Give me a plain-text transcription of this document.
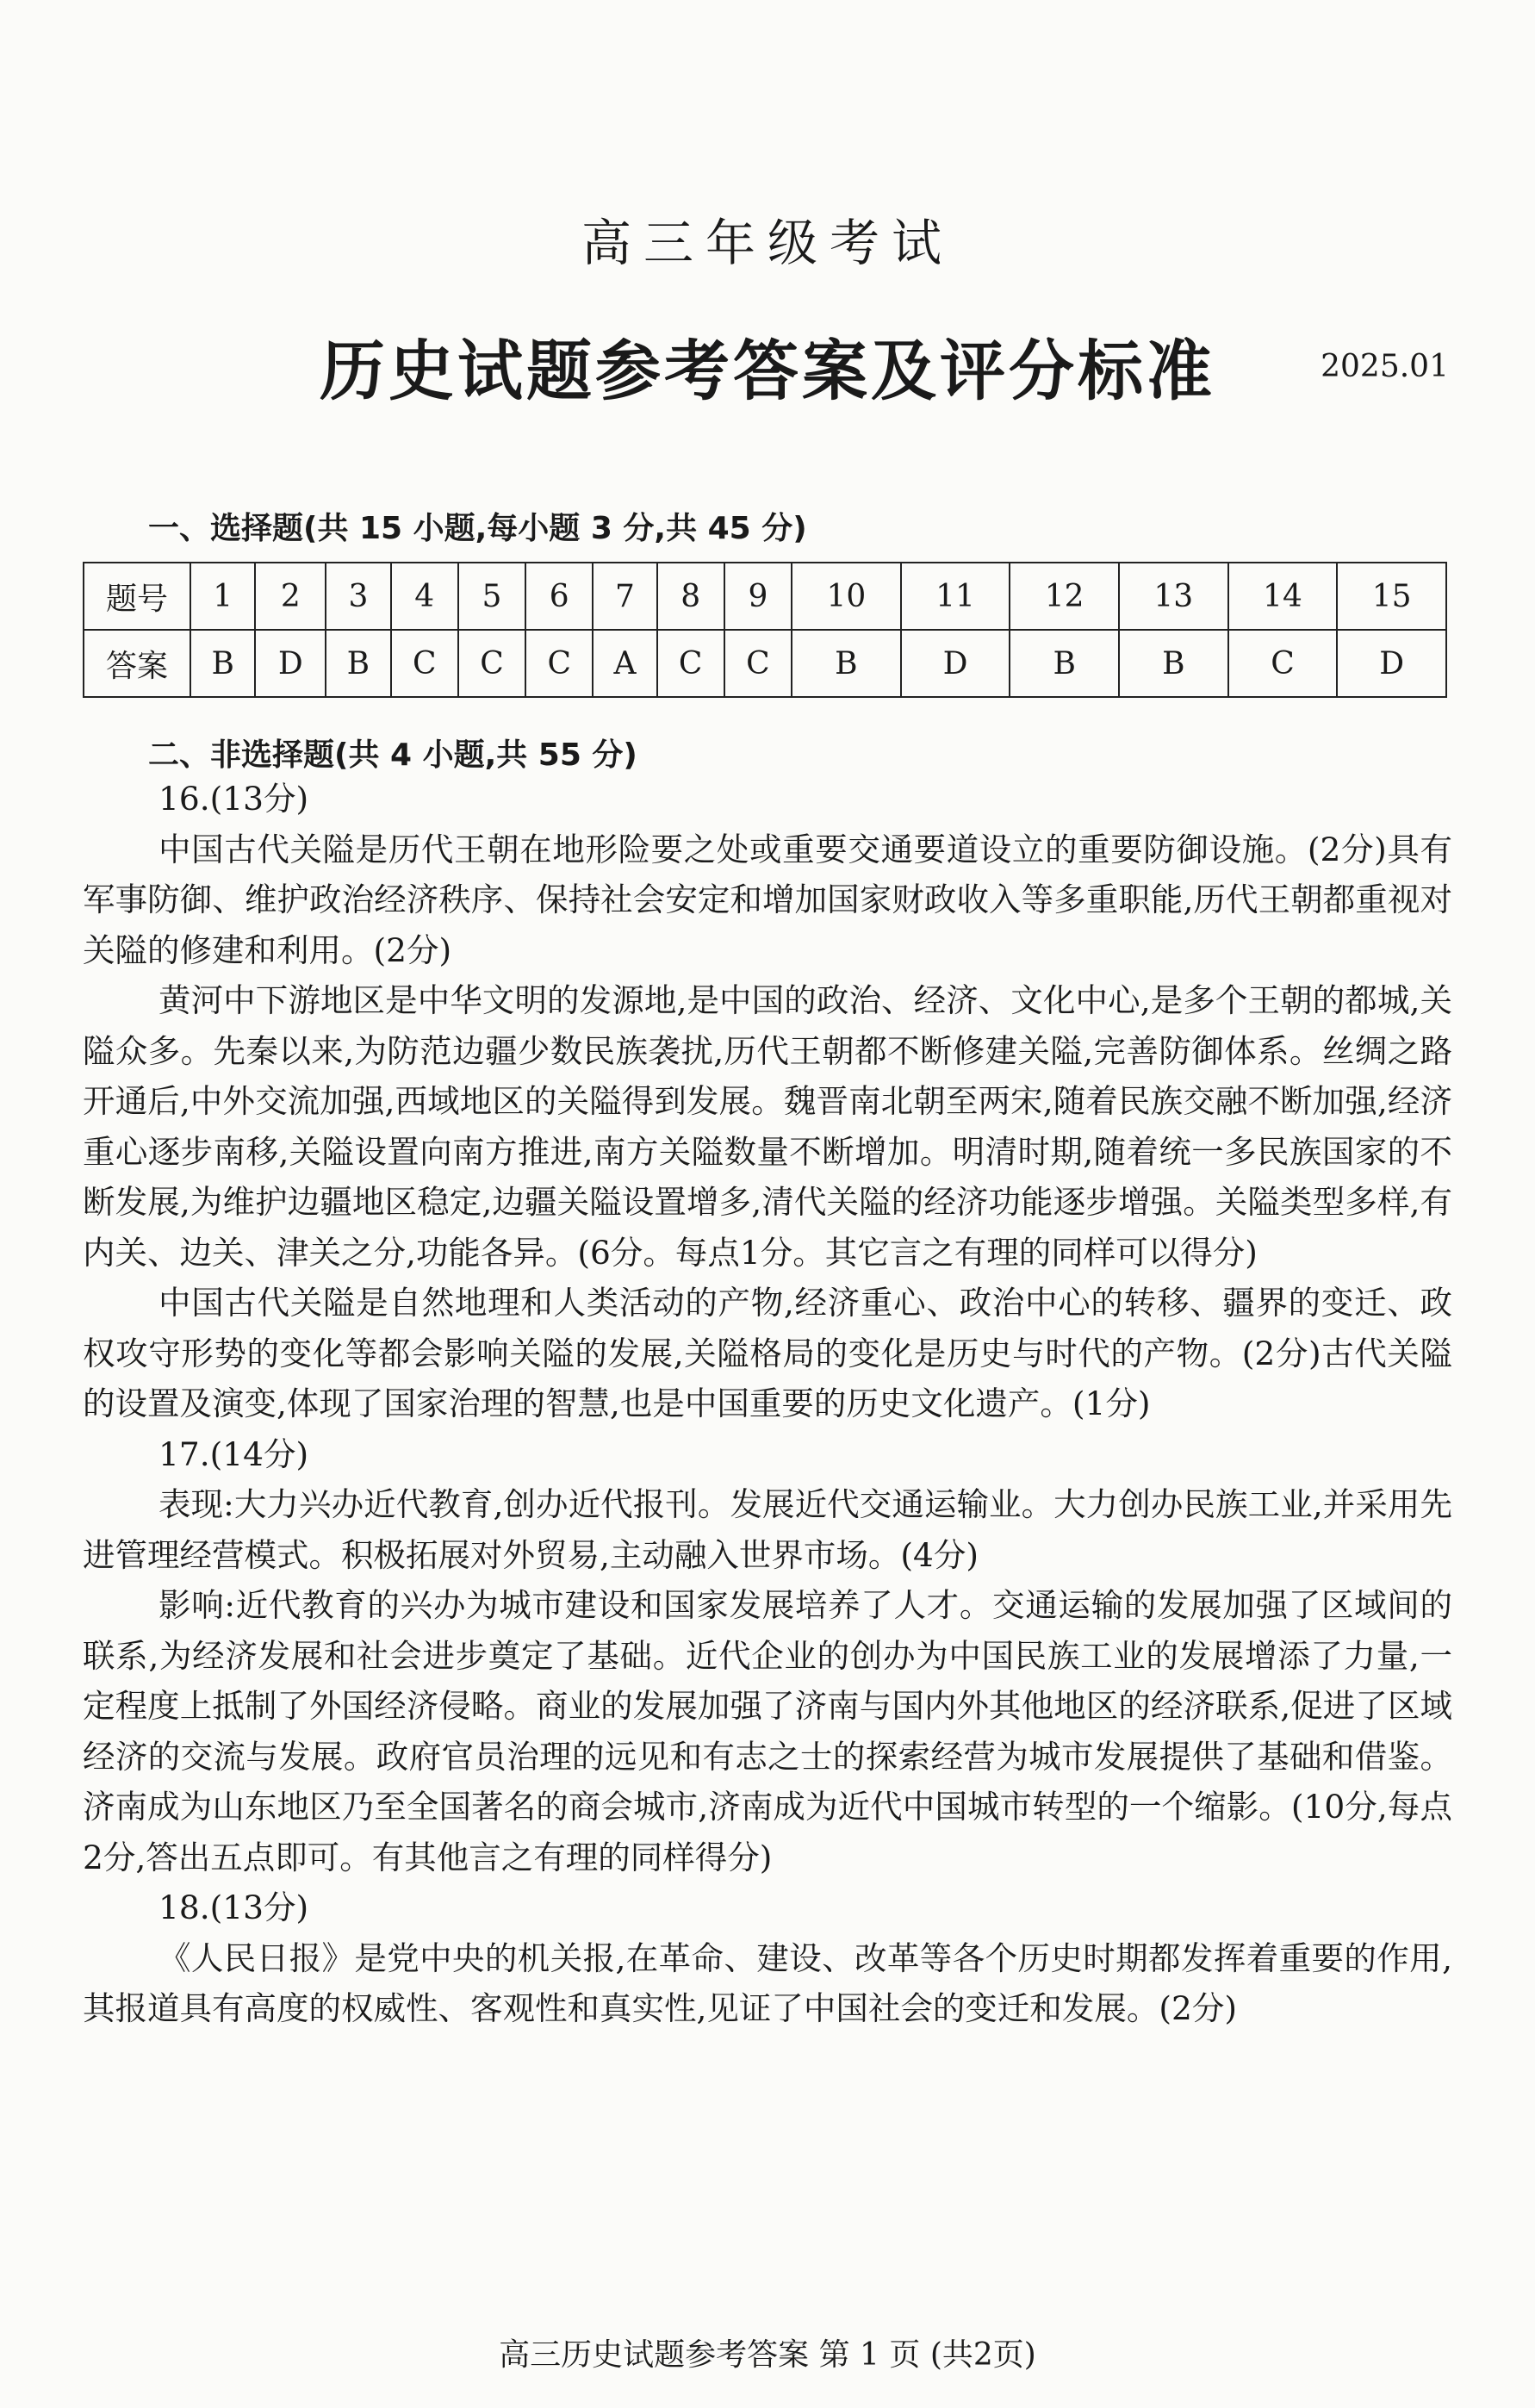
高三年级考试
历史试题参考答案及评分标准	2025.01
一、选择题(共 15 小题,每小题 3 分,共 45 分)
题号	1	2	3	4	5	6	7	8	9	10	11	12	13	14	15
答案	B	D	B	C	C	C	A	C	C	B	D	B	B	C	D
二、非选择题(共 4 小题,共 55 分)

16.(13分)

中国古代关隘是历代王朝在地形险要之处或重要交通要道设立的重要防御设施。(2分)具有军事防御、维护政治经济秩序、保持社会安定和增加国家财政收入等多重职能,历代王朝都重视对关隘的修建和利用。(2分)

黄河中下游地区是中华文明的发源地,是中国的政治、经济、文化中心,是多个王朝的都城,关隘众多。先秦以来,为防范边疆少数民族袭扰,历代王朝都不断修建关隘,完善防御体系。丝绸之路开通后,中外交流加强,西域地区的关隘得到发展。魏晋南北朝至两宋,随着民族交融不断加强,经济重心逐步南移,关隘设置向南方推进,南方关隘数量不断增加。明清时期,随着统一多民族国家的不断发展,为维护边疆地区稳定,边疆关隘设置增多,清代关隘的经济功能逐步增强。关隘类型多样,有内关、边关、津关之分,功能各异。(6分。每点1分。其它言之有理的同样可以得分)

中国古代关隘是自然地理和人类活动的产物,经济重心、政治中心的转移、疆界的变迁、政权攻守形势的变化等都会影响关隘的发展,关隘格局的变化是历史与时代的产物。(2分)古代关隘的设置及演变,体现了国家治理的智慧,也是中国重要的历史文化遗产。(1分)

17.(14分)

表现:大力兴办近代教育,创办近代报刊。发展近代交通运输业。大力创办民族工业,并采用先进管理经营模式。积极拓展对外贸易,主动融入世界市场。(4分)

影响:近代教育的兴办为城市建设和国家发展培养了人才。交通运输的发展加强了区域间的联系,为经济发展和社会进步奠定了基础。近代企业的创办为中国民族工业的发展增添了力量,一定程度上抵制了外国经济侵略。商业的发展加强了济南与国内外其他地区的经济联系,促进了区域经济的交流与发展。政府官员治理的远见和有志之士的探索经营为城市发展提供了基础和借鉴。济南成为山东地区乃至全国著名的商会城市,济南成为近代中国城市转型的一个缩影。(10分,每点2分,答出五点即可。有其他言之有理的同样得分)

18.(13分)

《人民日报》是党中央的机关报,在革命、建设、改革等各个历史时期都发挥着重要的作用,其报道具有高度的权威性、客观性和真实性,见证了中国社会的变迁和发展。(2分)

高三历史试题参考答案 第 1 页 (共2页)
